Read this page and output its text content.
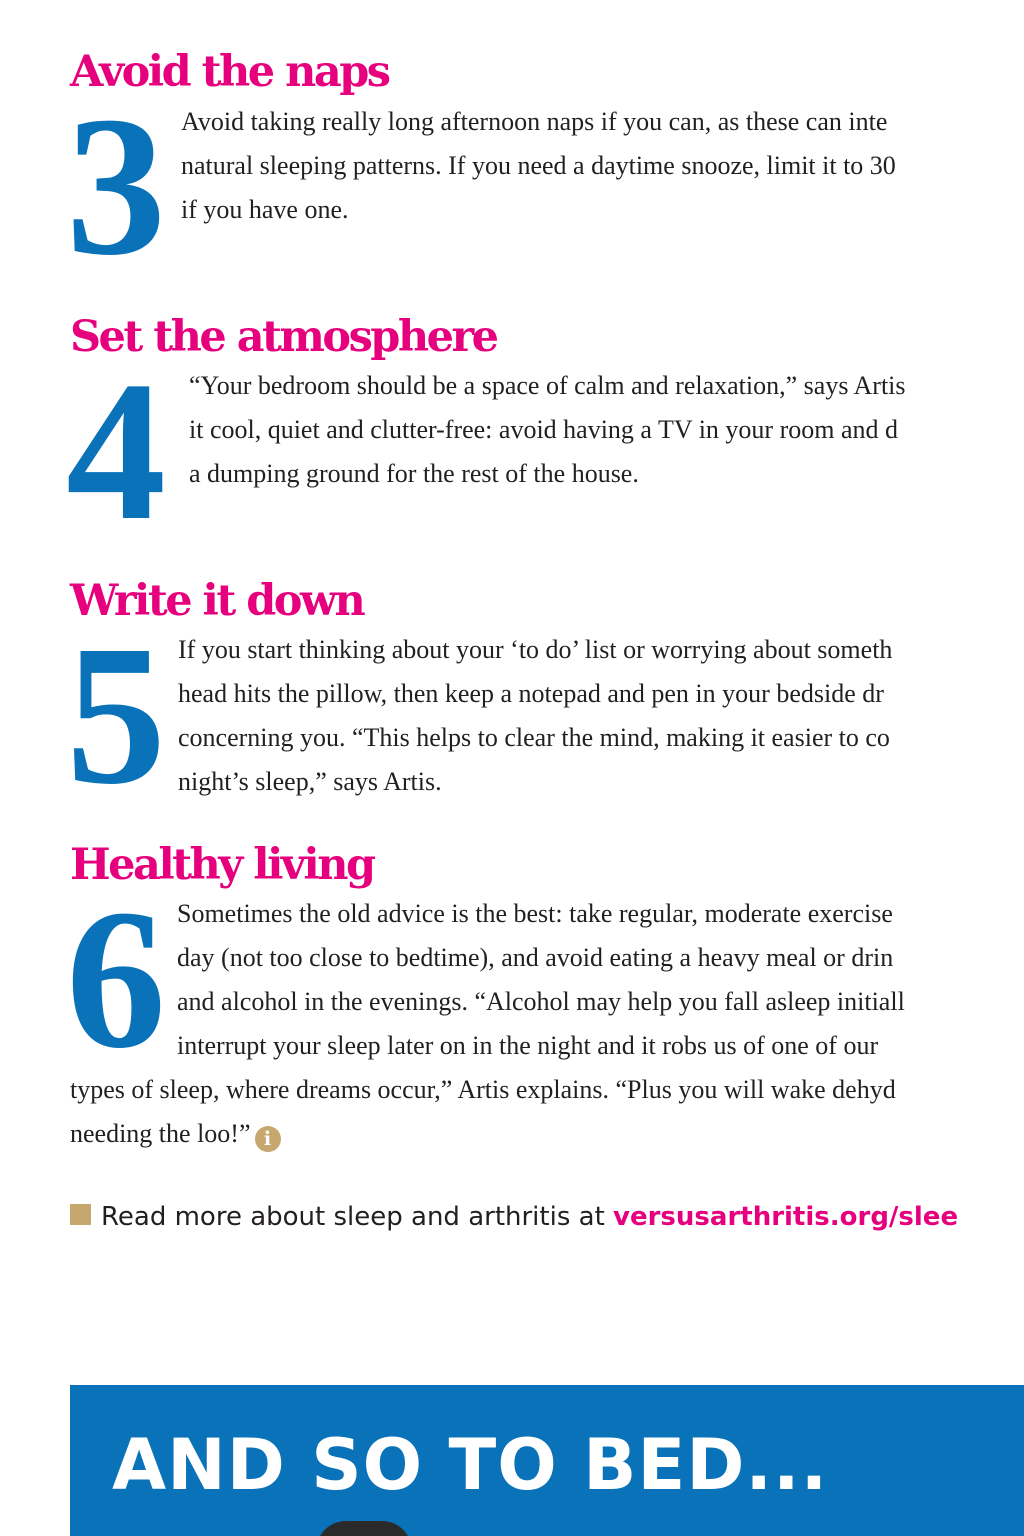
Avoid the naps
3 Avoid taking really long afternoon naps if you can, as these can inte
natural sleeping patterns. If you need a daytime snooze, limit it to 30
if you have one.
Set the atmosphere
4 “Your bedroom should be a space of calm and relaxation,” says Artis
it cool, quiet and clutter-free: avoid having a TV in your room and d
a dumping ground for the rest of the house.
Write it down
5 If you start thinking about your ‘to do’ list or worrying about someth
head hits the pillow, then keep a notepad and pen in your bedside dr
concerning you. “This helps to clear the mind, making it easier to co
night’s sleep,” says Artis.
Healthy living
6 Sometimes the old advice is the best: take regular, moderate exercise
day (not too close to bedtime), and avoid eating a heavy meal or drin
and alcohol in the evenings. “Alcohol may help you fall asleep initiall
interrupt your sleep later on in the night and it robs us of one of our
types of sleep, where dreams occur,” Artis explains. “Plus you will wake dehyd
needing the loo!” i
Read more about sleep and arthritis at versusarthritis.org/slee
AND SO TO BED...
